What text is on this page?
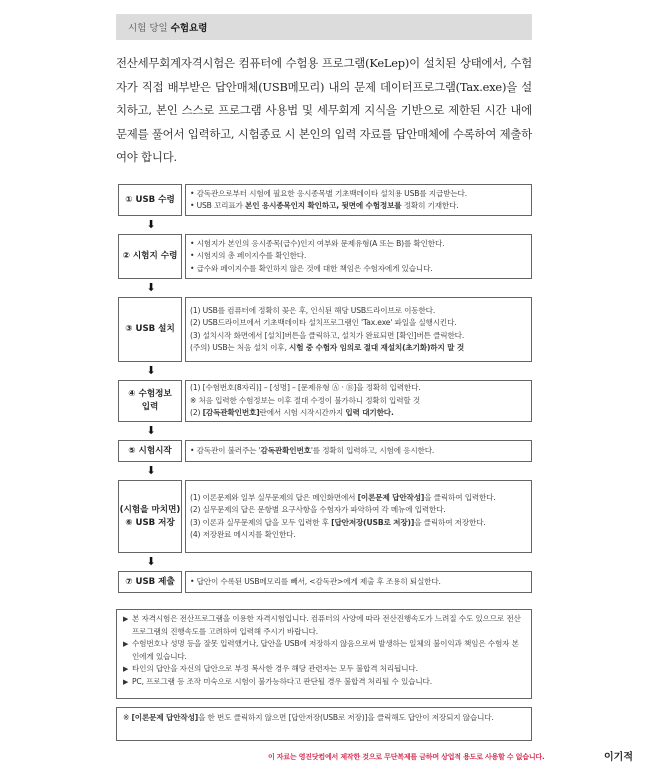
시험 당일 수험요령
전산세무회계자격시험은 컴퓨터에 수험용 프로그램(KeLep)이 설치된 상태에서, 수험자가 직접 배부받은 답안매체(USB메모리) 내의 문제 데이터프로그램(Tax.exe)을 설치하고, 본인 스스로 프로그램 사용법 및 세무회계 지식을 기반으로 제한된 시간 내에 문제를 풀어서 입력하고, 시험종료 시 본인의 입력 자료를 답안매체에 수록하여 제출하여야 합니다.
① USB 수령
• 감독관으로부터 시험에 필요한 응시종목별 기초백데이타 설치용 USB를 지급받는다.
• USB 꼬리표가 본인 응시종목인지 확인하고, 뒷면에 수험정보를 정확히 기재한다.
⬇
② 시험지 수령
• 시험지가 본인의 응시종목(급수)인지 여부와 문제유형(A 또는 B)를 확인한다.
• 시험지의 총 페이지수를 확인한다.
• 급수와 페이지수를 확인하지 않은 것에 대한 책임은 수험자에게 있습니다.
⬇
③ USB 설치
(1) USB를 컴퓨터에 정확히 꽂은 후, 인식된 해당 USB드라이브로 이동한다.
(2) USB드라이브에서 기초백데이타 설치프로그램인 'Tax.exe' 파일을 실행시킨다.
(3) 설치시작 화면에서 [설치]버튼을 클릭하고, 설치가 완료되면 [확인]버튼 클릭한다.
(주의) USB는 처음 설치 이후, 시험 중 수험자 임의로 절대 재설치(초기화)하지 말 것
⬇
④ 수험정보
입력
(1) [수험번호(8자리)] – [성명] – [문제유형 Ⓐ · Ⓑ]을 정확히 입력한다.
※ 처음 입력한 수험정보는 이후 절대 수정이 불가하니 정확히 입력할 것
(2) [감독관확인번호]란에서 시험 시작시간까지 입력 대기한다.
⬇
⑤ 시험시작	• 감독관이 불러주는 '감독관확인번호'를 정확히 입력하고, 시험에 응시한다.
⬇
(시험을 마치면)
⑥ USB 저장
(1) 이론문제와 일부 실무문제의 답은 메인화면에서 [이론문제 답안작성]을 클릭하여 입력한다.
(2) 실무문제의 답은 문항별 요구사항을 수험자가 파악하여 각 메뉴에 입력한다.
(3) 이론과 실무문제의 답을 모두 입력한 후 [답안저장(USB로 저장)]을 클릭하여 저장한다.
(4) 저장완료 메시지를 확인한다.
⬇
⑦ USB 제출	• 답안이 수록된 USB메모리를 빼서, <감독관>에게 제출 후 조용히 퇴실한다.
▶ 본 자격시험은 전산프로그램을 이용한 자격시험입니다. 컴퓨터의 사양에 따라 전산진행속도가 느려질 수도 있으므로 전산프로그램의 진행속도를 고려하여 입력해 주시기 바랍니다.
▶ 수험번호나 성명 등을 잘못 입력했거나, 답안을 USB에 저장하지 않음으로써 발생하는 일체의 불이익과 책임은 수험자 본인에게 있습니다.
▶ 타인의 답안을 자신의 답안으로 부정 복사한 경우 해당 관련자는 모두 불합격 처리됩니다.
▶ PC, 프로그램 등 조작 미숙으로 시험이 불가능하다고 판단될 경우 불합격 처리될 수 있습니다.
※ [이론문제 답안작성]을 한 번도 클릭하지 않으면 [답안저장(USB로 저장)]을 클릭해도 답안이 저장되지 않습니다.
이 자료는 영진닷컴에서 제작한 것으로 무단복제를 금하며 상업적 용도로 사용할 수 없습니다.	이기적
